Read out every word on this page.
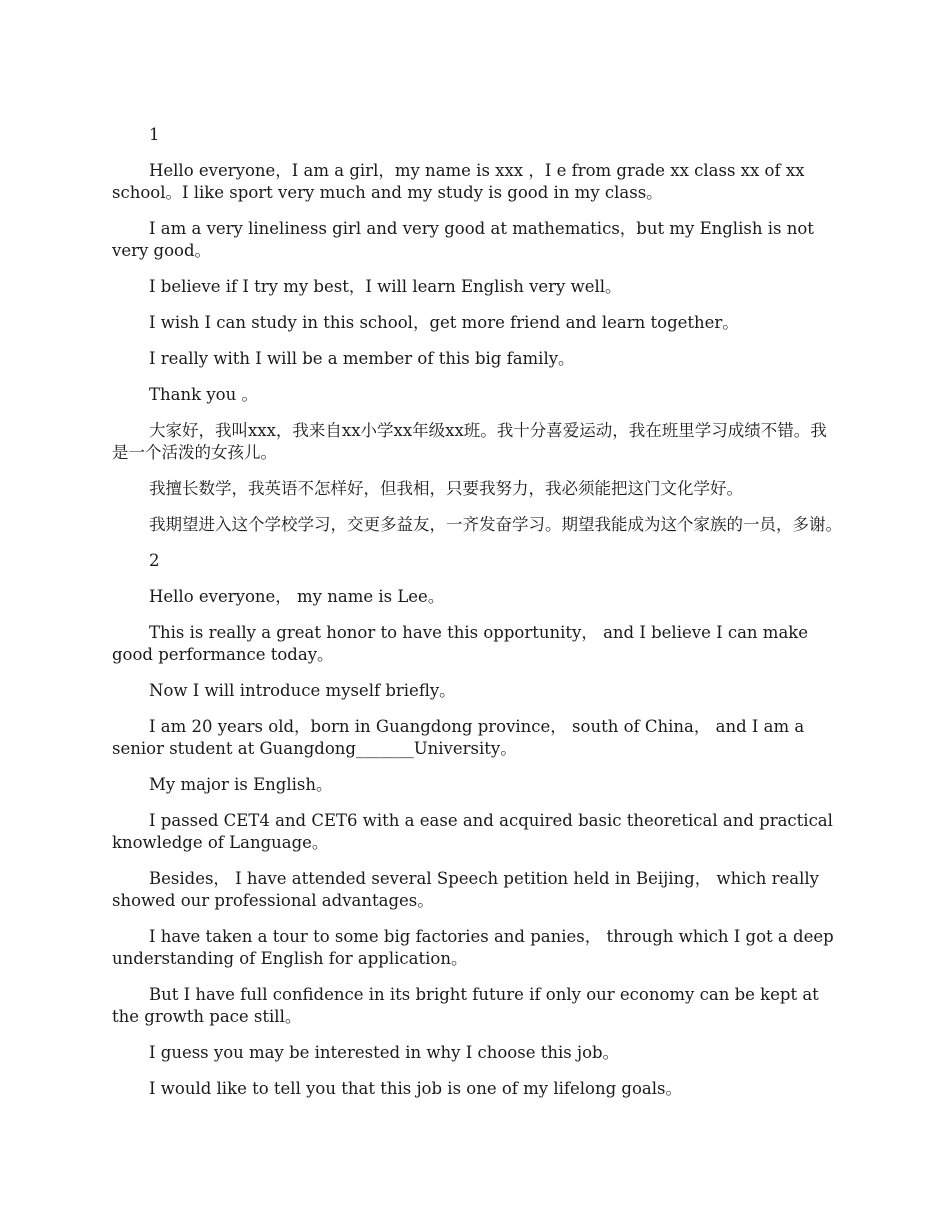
1

Hello everyone，I am a girl，my name is xxx ，I e from grade xx class xx of xx school。I like sport very much and my study is good in my class。

I am a very lineliness girl and very good at mathematics，but my English is not very good。

I believe if I try my best，I will learn English very well。

I wish I can study in this school，get more friend and learn together。

I really with I will be a member of this big family。

Thank you 。

大家好，我叫xxx，我来自xx小学xx年级xx班。我十分喜爱运动，我在班里学习成绩不错。我是一个活泼的女孩儿。

我擅长数学，我英语不怎样好，但我相，只要我努力，我必须能把这门文化学好。

我期望进入这个学校学习，交更多益友，一齐发奋学习。期望我能成为这个家族的一员，多谢。

2

Hello everyone， my name is Lee。

This is really a great honor to have this opportunity， and I believe I can make good performance today。

Now I will introduce myself briefly。

I am 20 years old，born in Guangdong province， south of China， and I am a senior student at Guangdong_______University。

My major is English。

I passed CET4 and CET6 with a ease and acquired basic theoretical and practical knowledge of Language。

Besides， I have attended several Speech petition held in Beijing， which really showed our professional advantages。

I have taken a tour to some big factories and panies， through which I got a deep understanding of English for application。

But I have full confidence in its bright future if only our economy can be kept at the growth pace still。

I guess you may be interested in why I choose this job。

I would like to tell you that this job is one of my lifelong goals。
